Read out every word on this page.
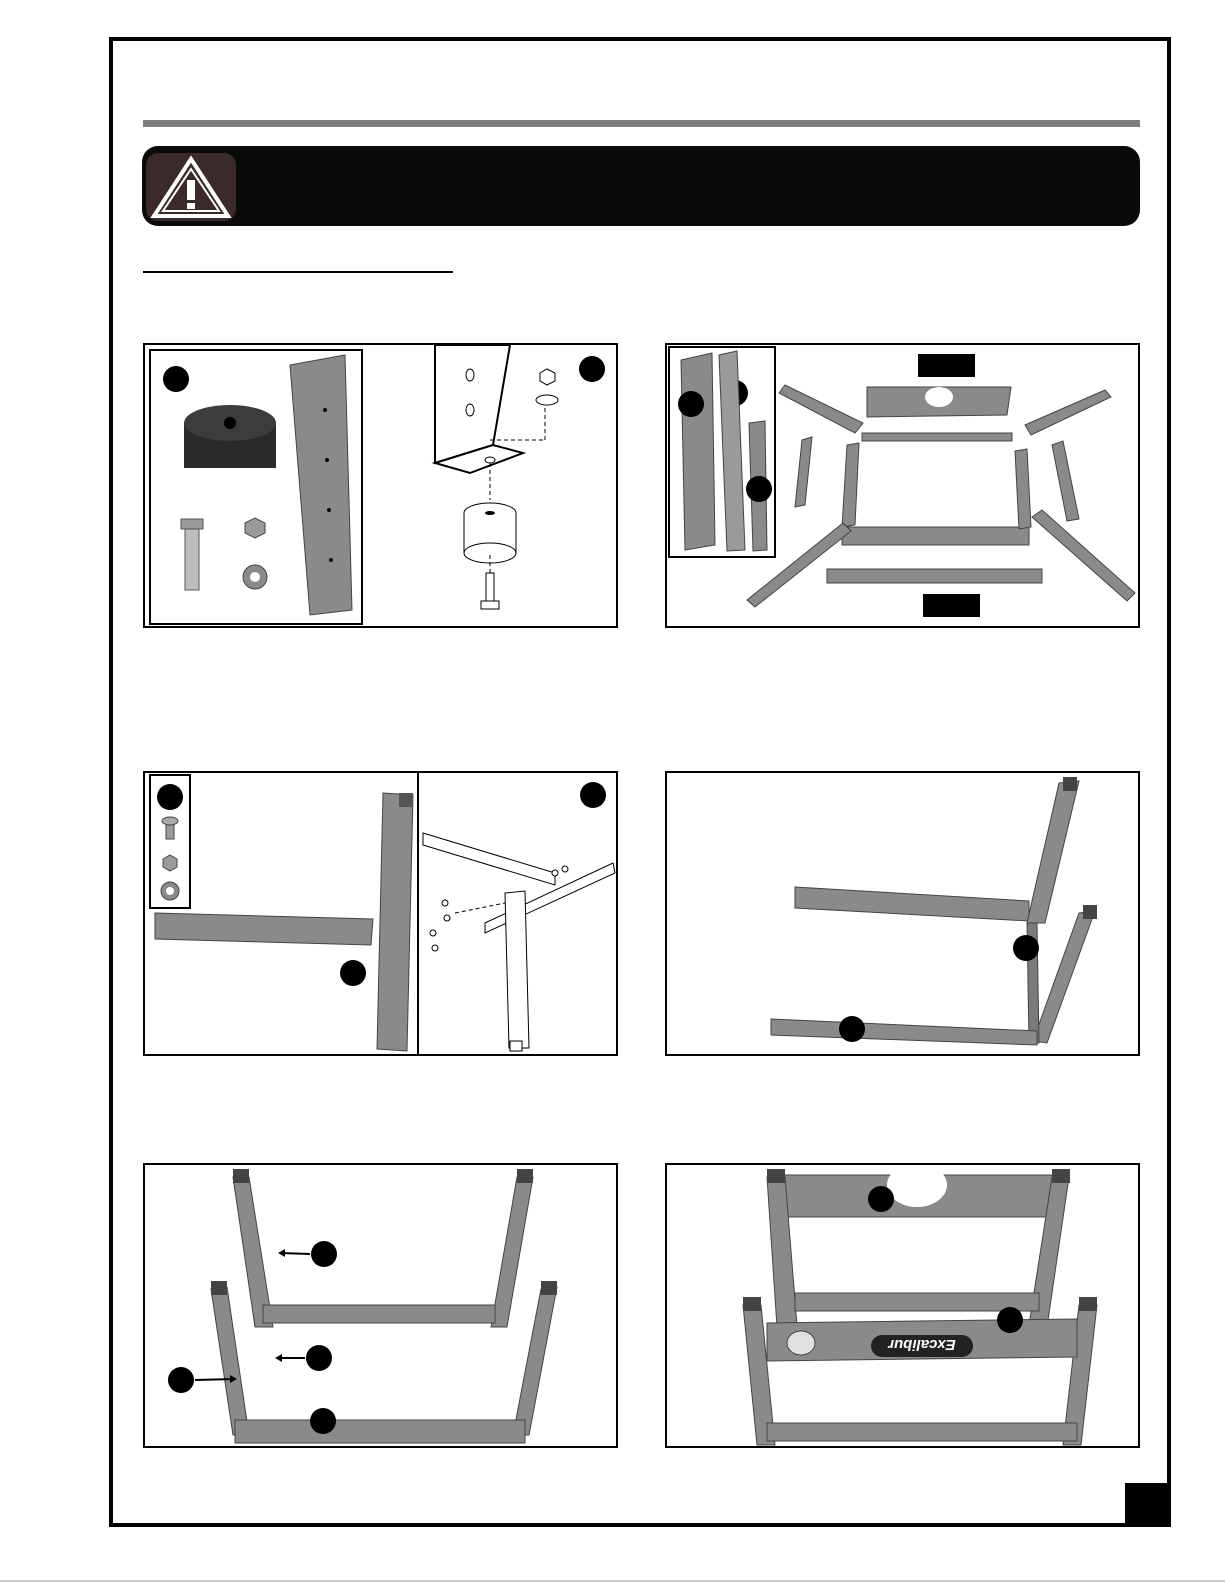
Excalibur
